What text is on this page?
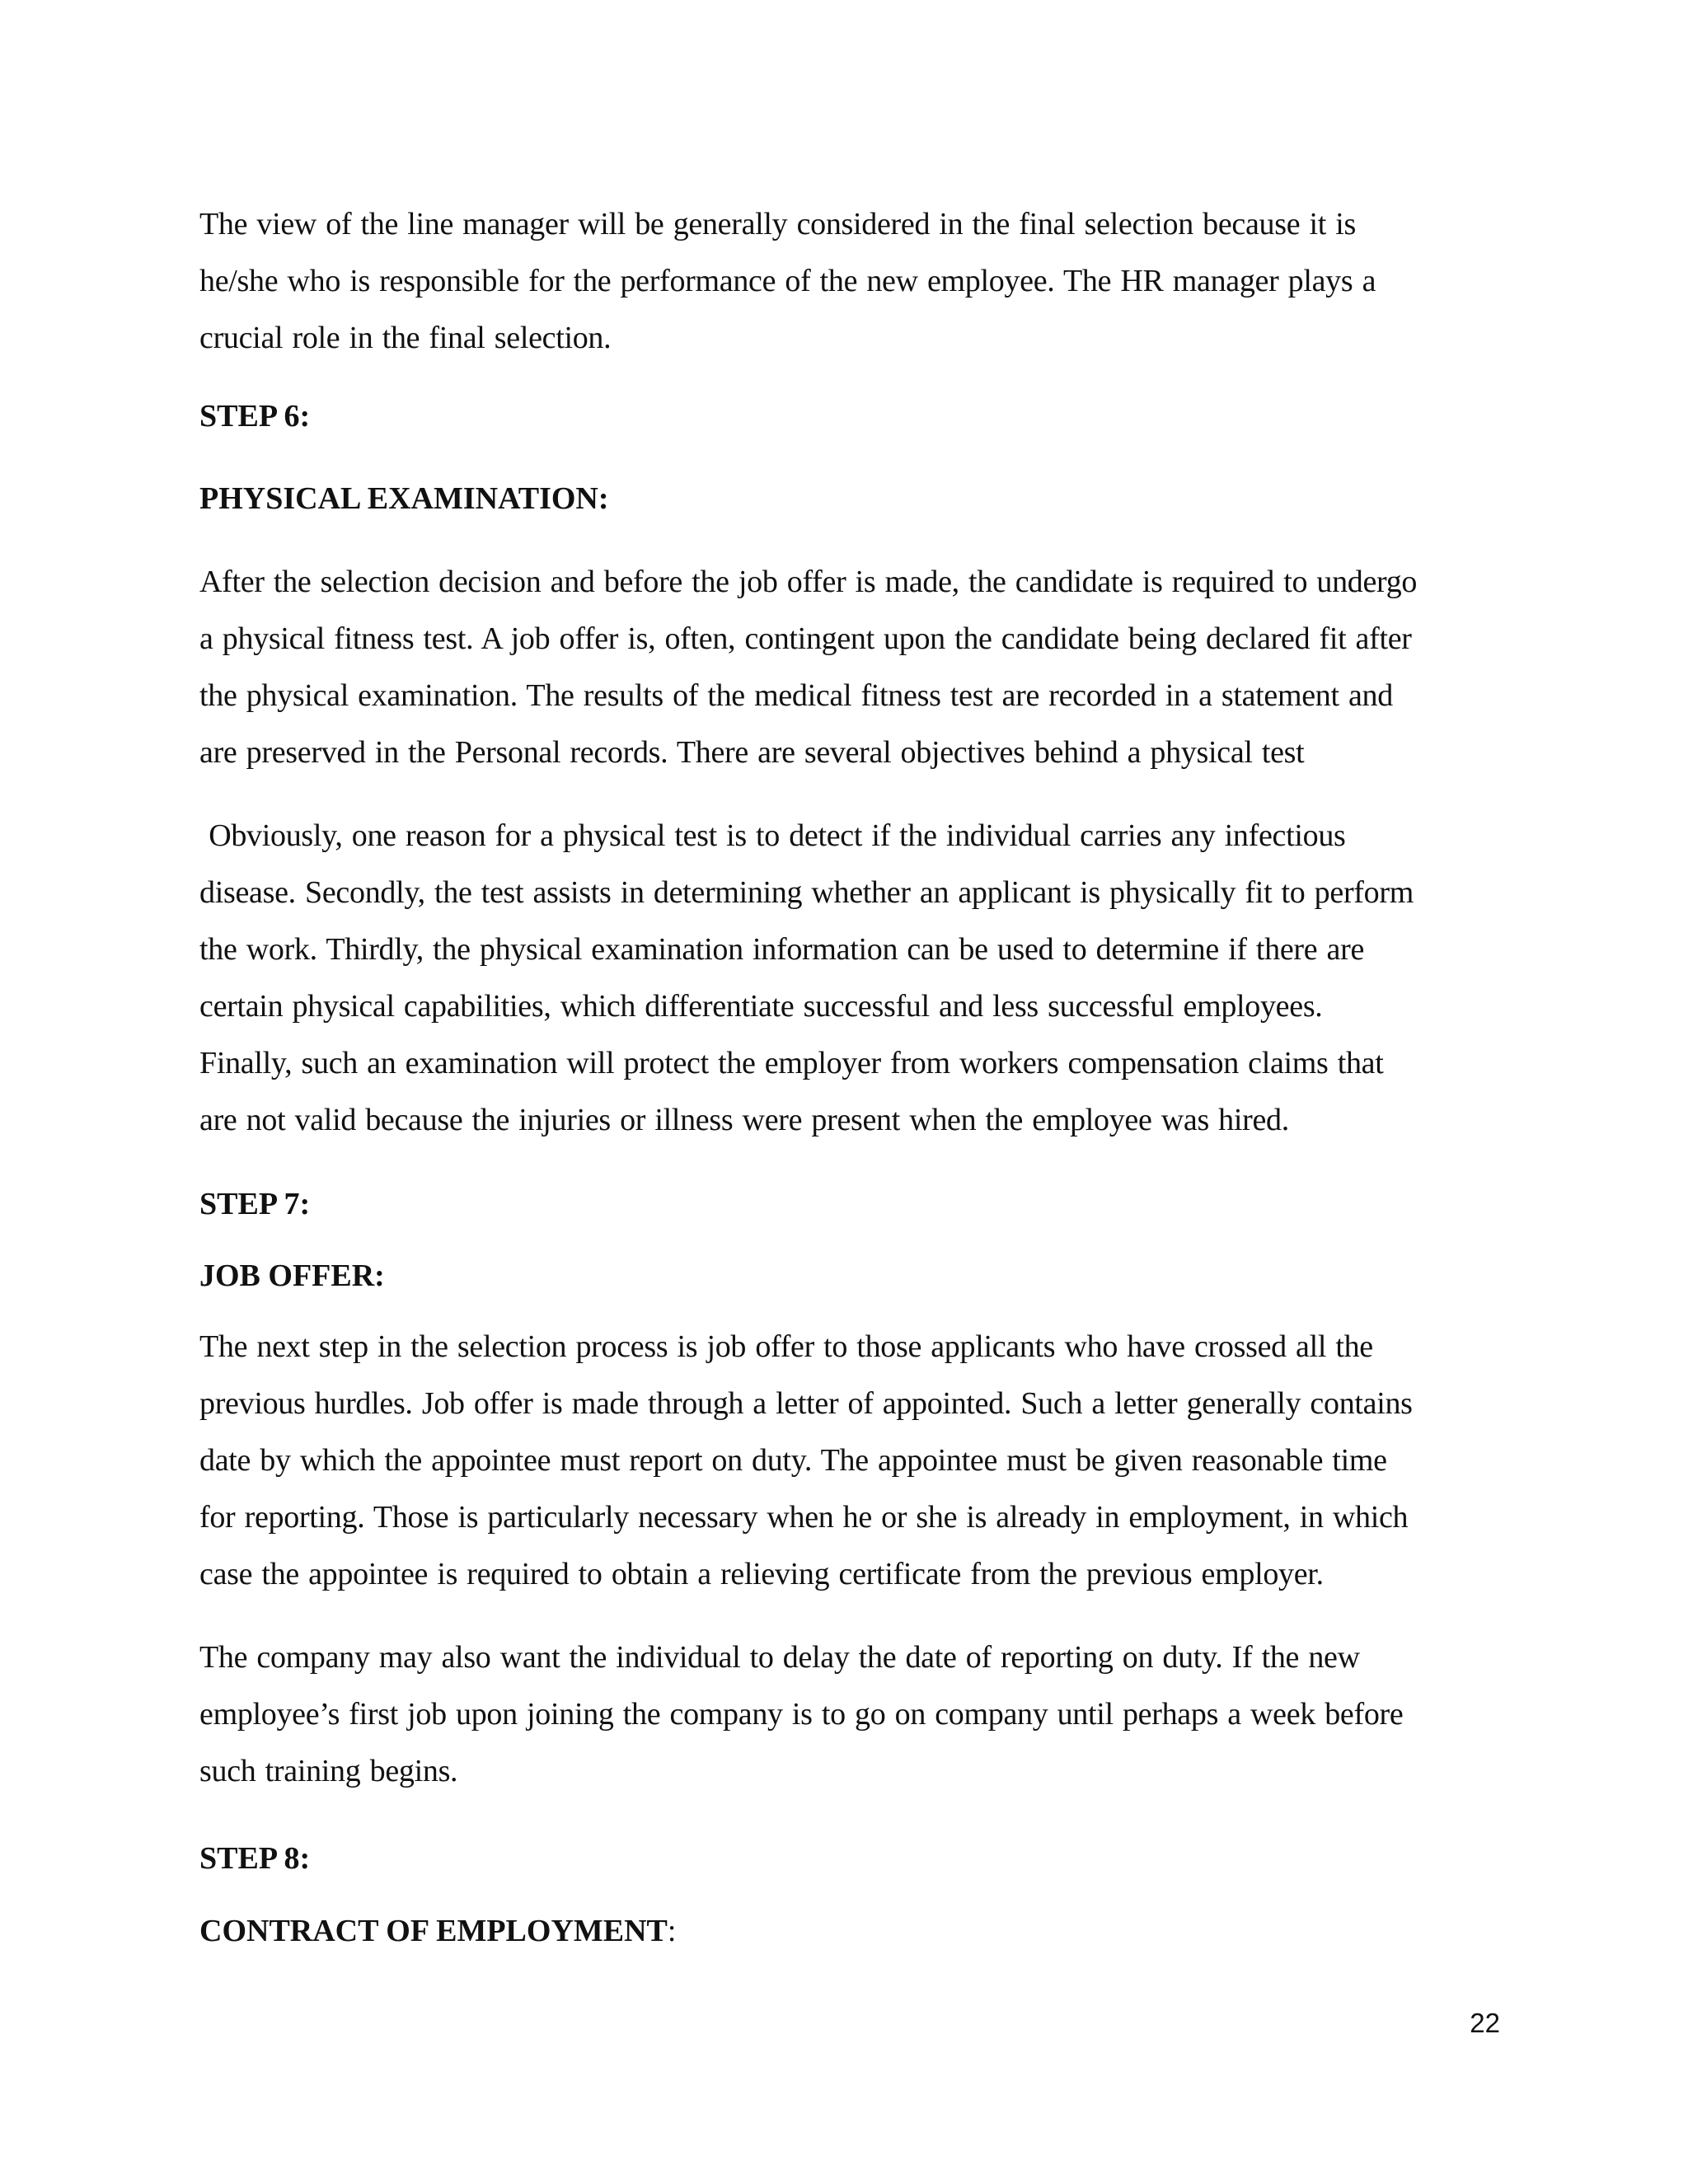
The view of the line manager will be generally considered in the final selection because it is
he/she who is responsible for the performance of the new employee. The HR manager plays a
crucial role in the final selection.

STEP 6:
PHYSICAL EXAMINATION:

After the selection decision and before the job offer is made, the candidate is required to undergo
a physical fitness test. A job offer is, often, contingent upon the candidate being declared fit after
the physical examination. The results of the medical fitness test are recorded in a statement and
are preserved in the Personal records. There are several objectives behind a physical test

Obviously, one reason for a physical test is to detect if the individual carries any infectious
disease. Secondly, the test assists in determining whether an applicant is physically fit to perform
the work. Thirdly, the physical examination information can be used to determine if there are
certain physical capabilities, which differentiate successful and less successful employees.
Finally, such an examination will protect the employer from workers compensation claims that
are not valid because the injuries or illness were present when the employee was hired.

STEP 7:
JOB OFFER:

The next step in the selection process is job offer to those applicants who have crossed all the
previous hurdles. Job offer is made through a letter of appointed. Such a letter generally contains
date by which the appointee must report on duty. The appointee must be given reasonable time
for reporting. Those is particularly necessary when he or she is already in employment, in which
case the appointee is required to obtain a relieving certificate from the previous employer.

The company may also want the individual to delay the date of reporting on duty. If the new
employee’s first job upon joining the company is to go on company until perhaps a week before
such training begins.

STEP 8:
CONTRACT OF EMPLOYMENT:
22
